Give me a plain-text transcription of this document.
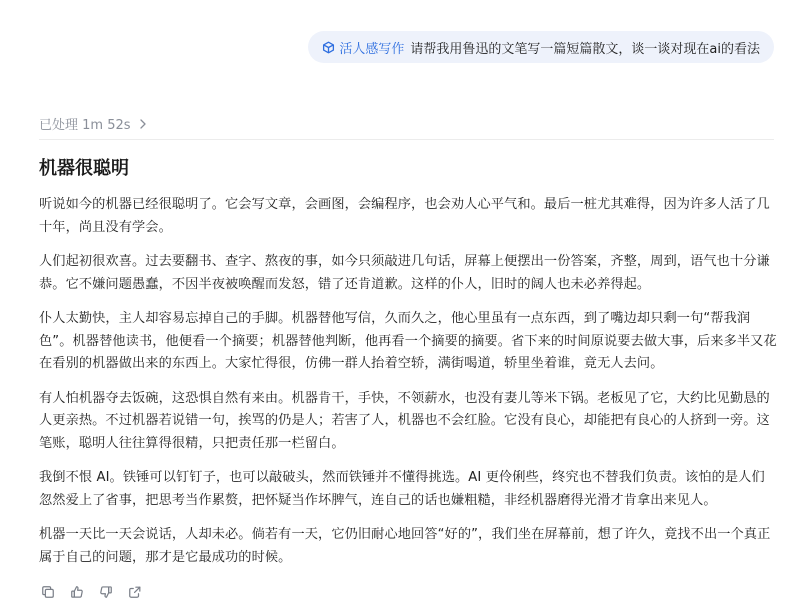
活人感写作 请帮我用鲁迅的文笔写一篇短篇散文，谈一谈对现在ai的看法
已处理 1m 52s
机器很聪明

听说如今的机器已经很聪明了。它会写文章，会画图，会编程序，也会劝人心平气和。最后一桩尤其难得，因为许多人活了几十年，尚且没有学会。

人们起初很欢喜。过去要翻书、查字、熬夜的事，如今只须敲进几句话，屏幕上便摆出一份答案，齐整，周到，语气也十分谦恭。它不嫌问题愚蠢，不因半夜被唤醒而发怒，错了还肯道歉。这样的仆人，旧时的阔人也未必养得起。

仆人太勤快，主人却容易忘掉自己的手脚。机器替他写信，久而久之，他心里虽有一点东西，到了嘴边却只剩一句“帮我润色”。机器替他读书，他便看一个摘要；机器替他判断，他再看一个摘要的摘要。省下来的时间原说要去做大事，后来多半又花在看别的机器做出来的东西上。大家忙得很，仿佛一群人抬着空轿，满街喝道，轿里坐着谁，竟无人去问。

有人怕机器夺去饭碗，这恐惧自然有来由。机器肯干，手快，不领薪水，也没有妻儿等米下锅。老板见了它，大约比见勤恳的人更亲热。不过机器若说错一句，挨骂的仍是人；若害了人，机器也不会红脸。它没有良心，却能把有良心的人挤到一旁。这笔账，聪明人往往算得很精，只把责任那一栏留白。

我倒不恨 AI。铁锤可以钉钉子，也可以敲破头，然而铁锤并不懂得挑选。AI 更伶俐些，终究也不替我们负责。该怕的是人们忽然爱上了省事，把思考当作累赘，把怀疑当作坏脾气，连自己的话也嫌粗糙，非经机器磨得光滑才肯拿出来见人。

机器一天比一天会说话，人却未必。倘若有一天，它仍旧耐心地回答“好的”，我们坐在屏幕前，想了许久，竟找不出一个真正属于自己的问题，那才是它最成功的时候。
